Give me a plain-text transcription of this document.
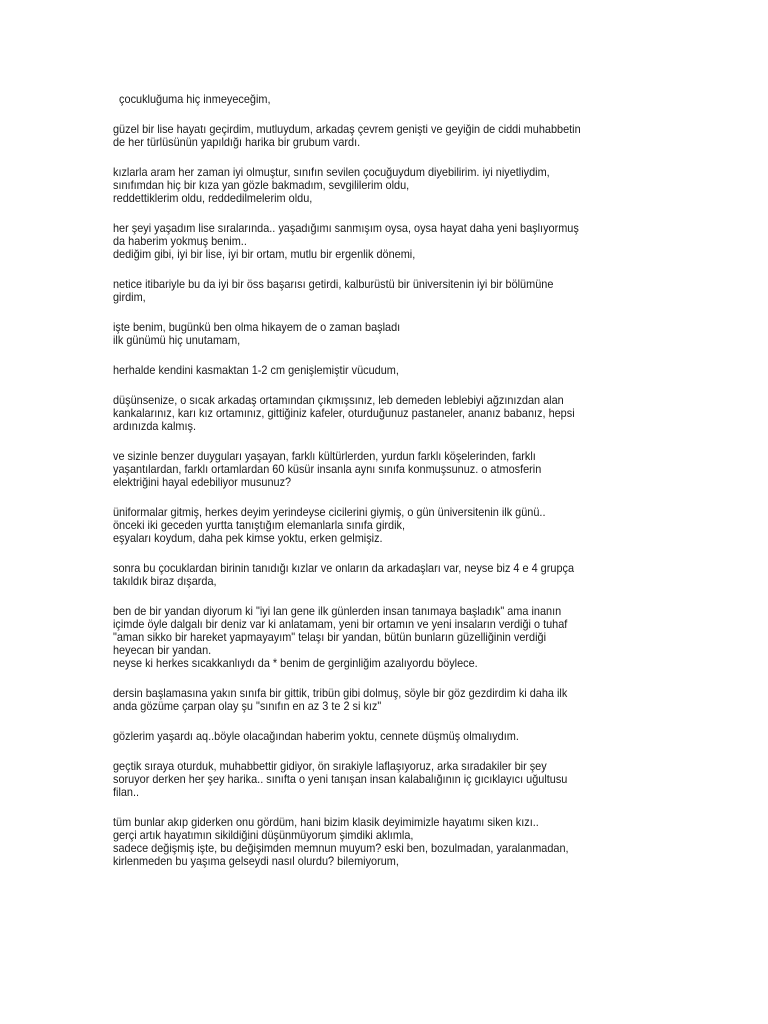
çocukluğuma hiç inmeyeceğim,
güzel bir lise hayatı geçirdim, mutluydum, arkadaş çevrem genişti ve geyiğin de ciddi muhabbetin
de her türlüsünün yapıldığı harika bir grubum vardı.
kızlarla aram her zaman iyi olmuştur, sınıfın sevilen çocuğuydum diyebilirim. iyi niyetliydim,
sınıfımdan hiç bir kıza yan gözle bakmadım, sevgililerim oldu,
reddettiklerim oldu, reddedilmelerim oldu,
her şeyi yaşadım lise sıralarında.. yaşadığımı sanmışım oysa, oysa hayat daha yeni başlıyormuş
da haberim yokmuş benim..
dediğim gibi, iyi bir lise, iyi bir ortam, mutlu bir ergenlik dönemi,
netice itibariyle bu da iyi bir öss başarısı getirdi, kalburüstü bir üniversitenin iyi bir bölümüne
girdim,
işte benim, bugünkü ben olma hikayem de o zaman başladı
ilk günümü hiç unutamam,
herhalde kendini kasmaktan 1-2 cm genişlemiştir vücudum,
düşünsenize, o sıcak arkadaş ortamından çıkmışsınız, leb demeden leblebiyi ağzınızdan alan
kankalarınız, karı kız ortamınız, gittiğiniz kafeler, oturduğunuz pastaneler, ananız babanız, hepsi
ardınızda kalmış.
ve sizinle benzer duyguları yaşayan, farklı kültürlerden, yurdun farklı köşelerinden, farklı
yaşantılardan, farklı ortamlardan 60 küsür insanla aynı sınıfa konmuşsunuz. o atmosferin
elektriğini hayal edebiliyor musunuz?
üniformalar gitmiş, herkes deyim yerindeyse cicilerini giymiş, o gün üniversitenin ilk günü..
önceki iki geceden yurtta tanıştığım elemanlarla sınıfa girdik,
eşyaları koydum, daha pek kimse yoktu, erken gelmişiz.
sonra bu çocuklardan birinin tanıdığı kızlar ve onların da arkadaşları var, neyse biz 4 e 4 grupça
takıldık biraz dışarda,
ben de bir yandan diyorum ki "iyi lan gene ilk günlerden insan tanımaya başladık" ama inanın
içimde öyle dalgalı bir deniz var ki anlatamam, yeni bir ortamın ve yeni insaların verdiği o tuhaf
"aman sikko bir hareket yapmayayım" telaşı bir yandan, bütün bunların güzelliğinin verdiği
heyecan bir yandan.
neyse ki herkes sıcakkanlıydı da * benim de gerginliğim azalıyordu böylece.
dersin başlamasına yakın sınıfa bir gittik, tribün gibi dolmuş, söyle bir göz gezdirdim ki daha ilk
anda gözüme çarpan olay şu "sınıfın en az 3 te 2 si kız"
gözlerim yaşardı aq..böyle olacağından haberim yoktu, cennete düşmüş olmalıydım.
geçtik sıraya oturduk, muhabbettir gidiyor, ön sırakiyle laflaşıyoruz, arka sıradakiler bir şey
soruyor derken her şey harika.. sınıfta o yeni tanışan insan kalabalığının iç gıcıklayıcı uğultusu
filan..
tüm bunlar akıp giderken onu gördüm, hani bizim klasik deyimimizle hayatımı siken kızı..
gerçi artık hayatımın sikildiğini düşünmüyorum şimdiki aklımla,
sadece değişmiş işte, bu değişimden memnun muyum? eski ben, bozulmadan, yaralanmadan,
kirlenmeden bu yaşıma gelseydi nasıl olurdu? bilemiyorum,
